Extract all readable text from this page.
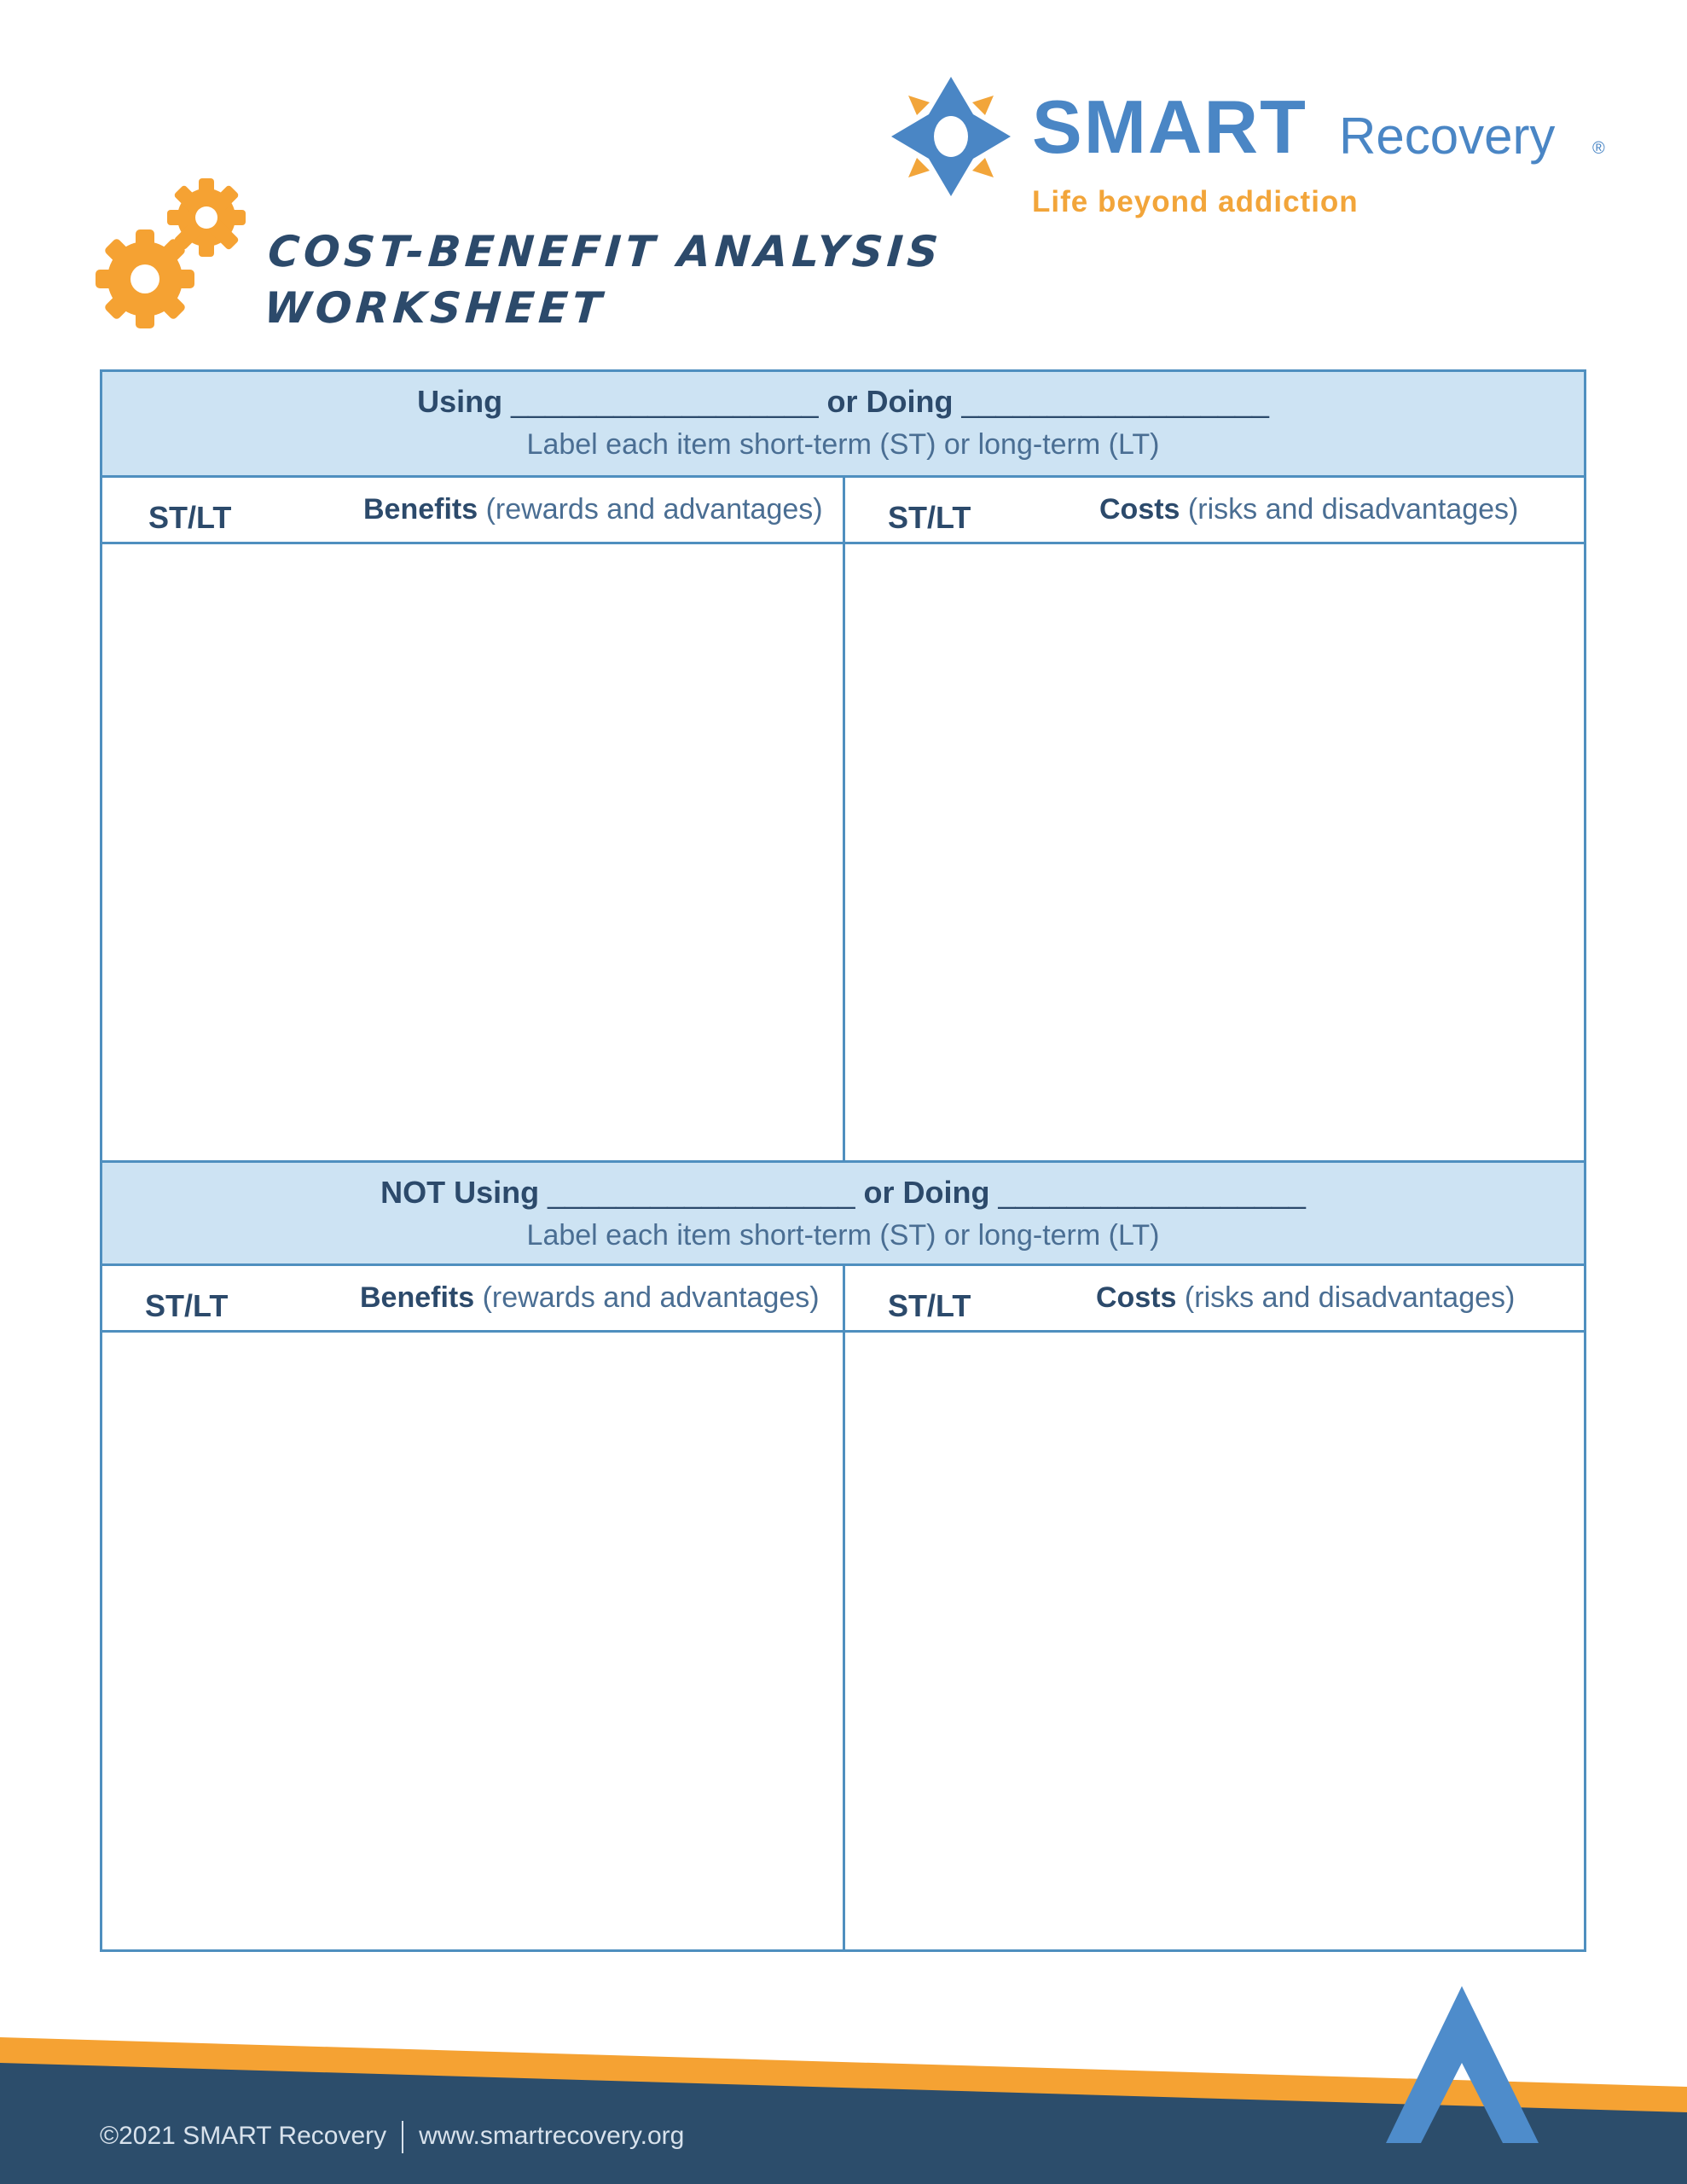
SMART Recovery ®
Life beyond addiction
COST-BENEFIT ANALYSIS
WORKSHEET
Using __________________ or Doing __________________
Label each item short-term (ST) or long-term (LT)
ST/LT	Benefits (rewards and advantages) ST/LT	Costs (risks and disadvantages)
NOT Using __________________ or Doing __________________
Label each item short-term (ST) or long-term (LT)
ST/LT	Benefits (rewards and advantages) ST/LT	Costs (risks and disadvantages)
©2021 SMART Recovery www.smartrecovery.org
